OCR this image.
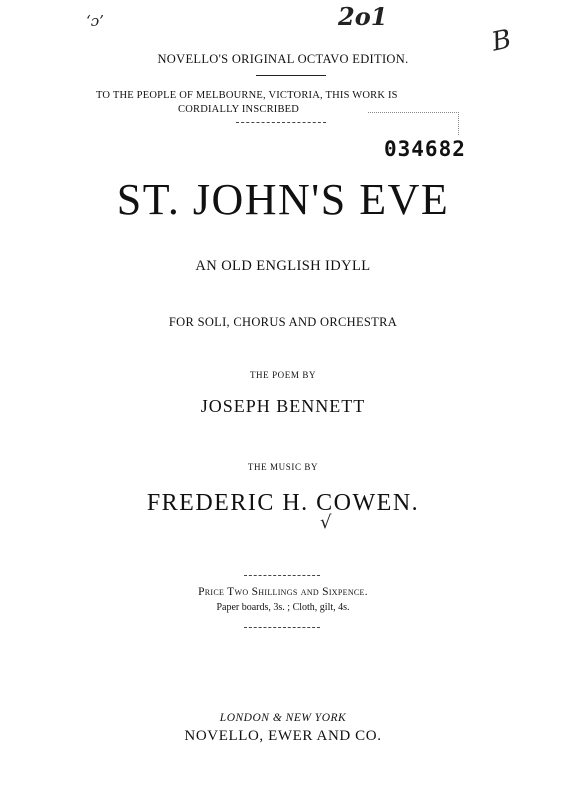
‘ɔ’	2ο1
B
NOVELLO'S ORIGINAL OCTAVO EDITION.
TO THE PEOPLE OF MELBOURNE, VICTORIA, THIS WORK IS
CORDIALLY INSCRIBED
034682
ST. JOHN'S EVE
AN OLD ENGLISH IDYLL
FOR SOLI, CHORUS AND ORCHESTRA
THE POEM BY
JOSEPH BENNETT
THE MUSIC BY
FREDERIC H. COWEN.
√
Price Two Shillings and Sixpence.
Paper boards, 3s. ; Cloth, gilt, 4s.
LONDON & NEW YORK
NOVELLO, EWER AND CO.
